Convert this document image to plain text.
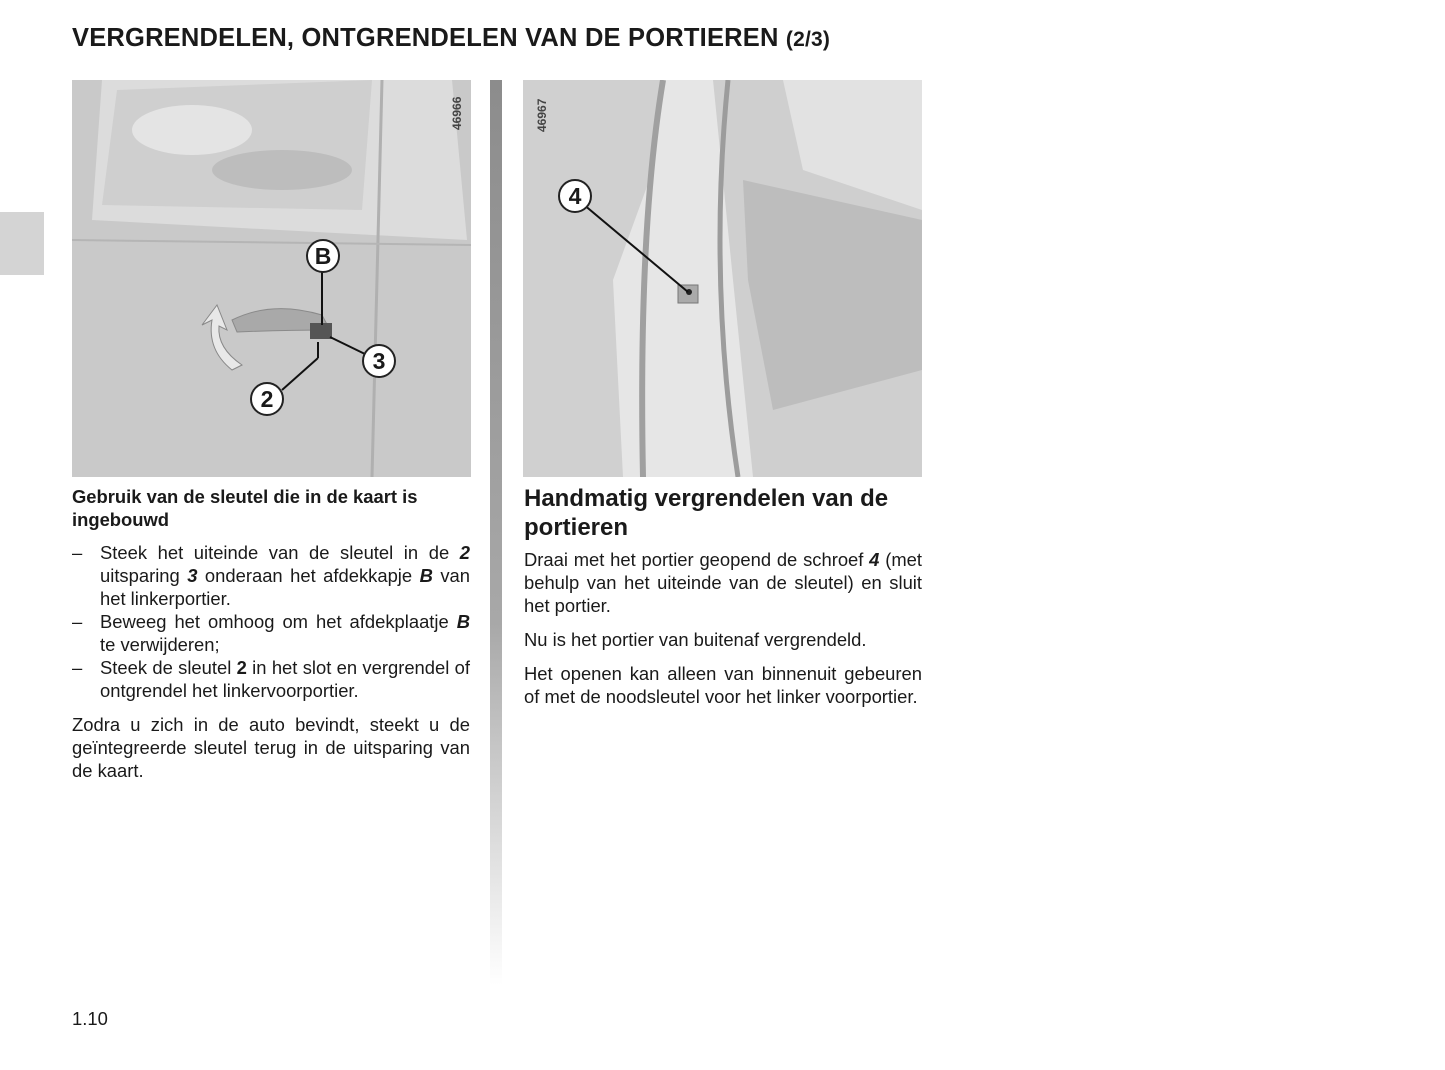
VERGRENDELEN, ONTGRENDELEN VAN DE PORTIEREN (2/3)
46966
B
2
3
46967
4
Gebruik van de sleutel die in de kaart is ingebouwd
– Steek het uiteinde van de sleutel in de 2 uitsparing 3 onderaan het afdekkapje B van het linkerportier.
– Beweeg het omhoog om het afdekplaatje B te verwijderen;
– Steek de sleutel 2 in het slot en vergrendel of ontgrendel het linkervoorportier.

Zodra u zich in de auto bevindt, steekt u de geïntegreerde sleutel terug in de uitsparing van de kaart.

Handmatig vergrendelen van de portieren

Draai met het portier geopend de schroef 4 (met behulp van het uiteinde van de sleutel) en sluit het portier.

Nu is het portier van buitenaf vergrendeld.

Het openen kan alleen van binnenuit gebeuren of met de noodsleutel voor het linker voorportier.

1.10
